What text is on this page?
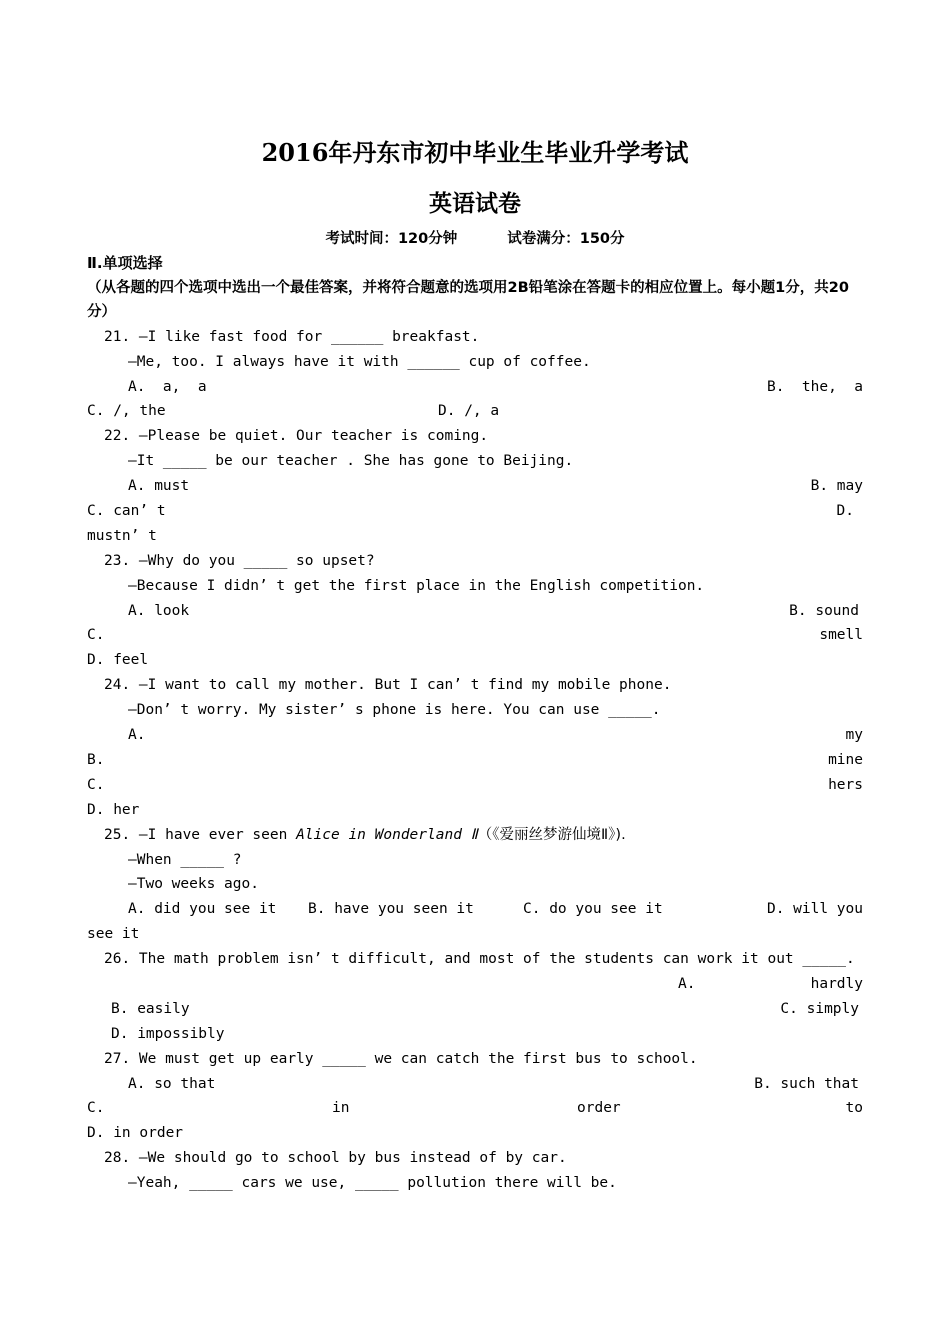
2016年丹东市初中毕业生毕业升学考试
英语试卷
考试时间：120分钟	试卷满分：150分
Ⅱ.单项选择
（从各题的四个选项中选出一个最佳答案，并将符合题意的选项用2B铅笔涂在答题卡的相应位置上。每小题1分，共20分）
21. —I like fast food for ______ breakfast.
—Me, too. I always have it with ______ cup of coffee.
A.  a,  a	B.  the,  a
C. /, the	D. /, a
22. —Please be quiet. Our teacher is coming.
—It _____ be our teacher . She has gone to Beijing.
A. must	B. may
C. can’ t	D.
mustn’ t
23. —Why do you _____ so upset?
—Because I didn’ t get the first place in the English competition.
A. look	B. sound
C.	smell
D. feel
24. —I want to call my mother. But I can’ t find my mobile phone.
—Don’ t worry. My sister’ s phone is here. You can use _____.
A.	my
B.	mine
C.	hers
D. her
25. —I have ever seen Alice in Wonderland Ⅱ（《爱丽丝梦游仙境Ⅱ》).
—When _____ ?
—Two weeks ago.
A. did you see it B. have you seen it	C. do you see it	D. will you
see it
26. The math problem isn’ t difficult, and most of the students can work it out _____.
A.	hardly
B. easily	C. simply
D. impossibly
27. We must get up early _____ we can catch the first bus to school.
A. so that	B. such that
C.	in	order	to
D. in order
28. —We should go to school by bus instead of by car.
—Yeah, _____ cars we use, _____ pollution there will be.
